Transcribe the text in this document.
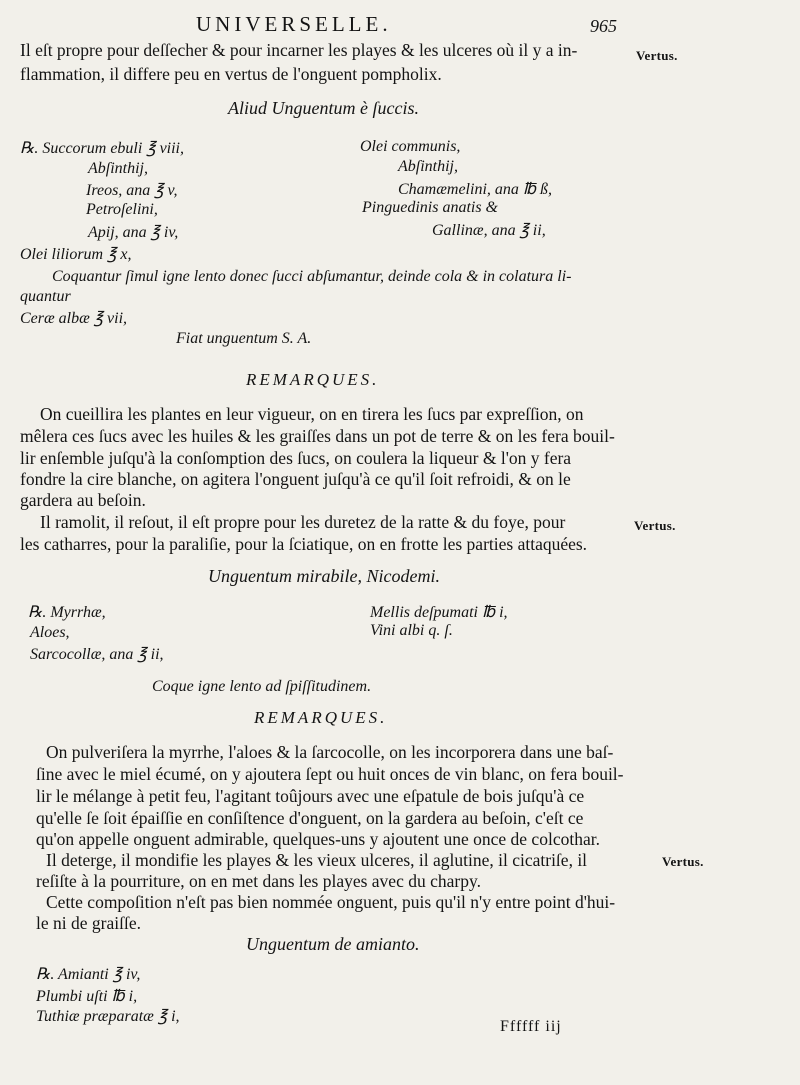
UNIVERSELLE.	965
Il eſt propre pour deſſecher & pour incarner les playes & les ulceres où il y a in-
flammation, il differe peu en vertus de l'onguent pompholix.
Vertus.
Aliud Unguentum è ſuccis.
℞. Succorum ebuli ℥ viii,
Abſinthij,
Ireos, ana ℥ v,
Petroſelini,
Apij, ana ℥ iv,
Olei liliorum ℥ x,
Olei communis,
Abſinthij,
Chamæmelini, ana ℔ ß,
Pinguedinis anatis &
Gallinæ, ana ℥ ii,
Coquantur ſimul igne lento donec ſucci abſumantur, deinde cola & in colatura li-
quantur
Ceræ albæ ℥ vii,
Fiat unguentum S. A.
REMARQUES.
On cueillira les plantes en leur vigueur, on en tirera les ſucs par expreſſion, on
mêlera ces ſucs avec les huiles & les graiſſes dans un pot de terre & on les fera bouil-
lir enſemble juſqu'à la conſomption des ſucs, on coulera la liqueur & l'on y fera
fondre la cire blanche, on agitera l'onguent juſqu'à ce qu'il ſoit refroidi, & on le
gardera au beſoin.
Il ramolit, il reſout, il eſt propre pour les duretez de la ratte & du foye, pour
les catharres, pour la paraliſie, pour la ſciatique, on en frotte les parties attaquées.
Vertus.
Unguentum mirabile, Nicodemi.
℞. Myrrhæ,
Aloes,
Sarcocollæ, ana ℥ ii,
Mellis deſpumati ℔ i,
Vini albi q. ſ.
Coque igne lento ad ſpiſſitudinem.
REMARQUES.
On pulveriſera la myrrhe, l'aloes & la ſarcocolle, on les incorporera dans une baſ-
ſine avec le miel écumé, on y ajoutera ſept ou huit onces de vin blanc, on fera bouil-
lir le mélange à petit feu, l'agitant toûjours avec une eſpatule de bois juſqu'à ce
qu'elle ſe ſoit épaiſſie en conſiſtence d'onguent, on la gardera au beſoin, c'eſt ce
qu'on appelle onguent admirable, quelques-uns y ajoutent une once de colcothar.
Il deterge, il mondifie les playes & les vieux ulceres, il aglutine, il cicatriſe, il
reſiſte à la pourriture, on en met dans les playes avec du charpy.
Vertus.
Cette compoſition n'eſt pas bien nommée onguent, puis qu'il n'y entre point d'hui-
le ni de graiſſe.
Unguentum de amianto.
℞. Amianti ℥ iv,
Plumbi uſti ℔ i,
Tuthiæ præparatæ ℥ i,
Ffffff iij
